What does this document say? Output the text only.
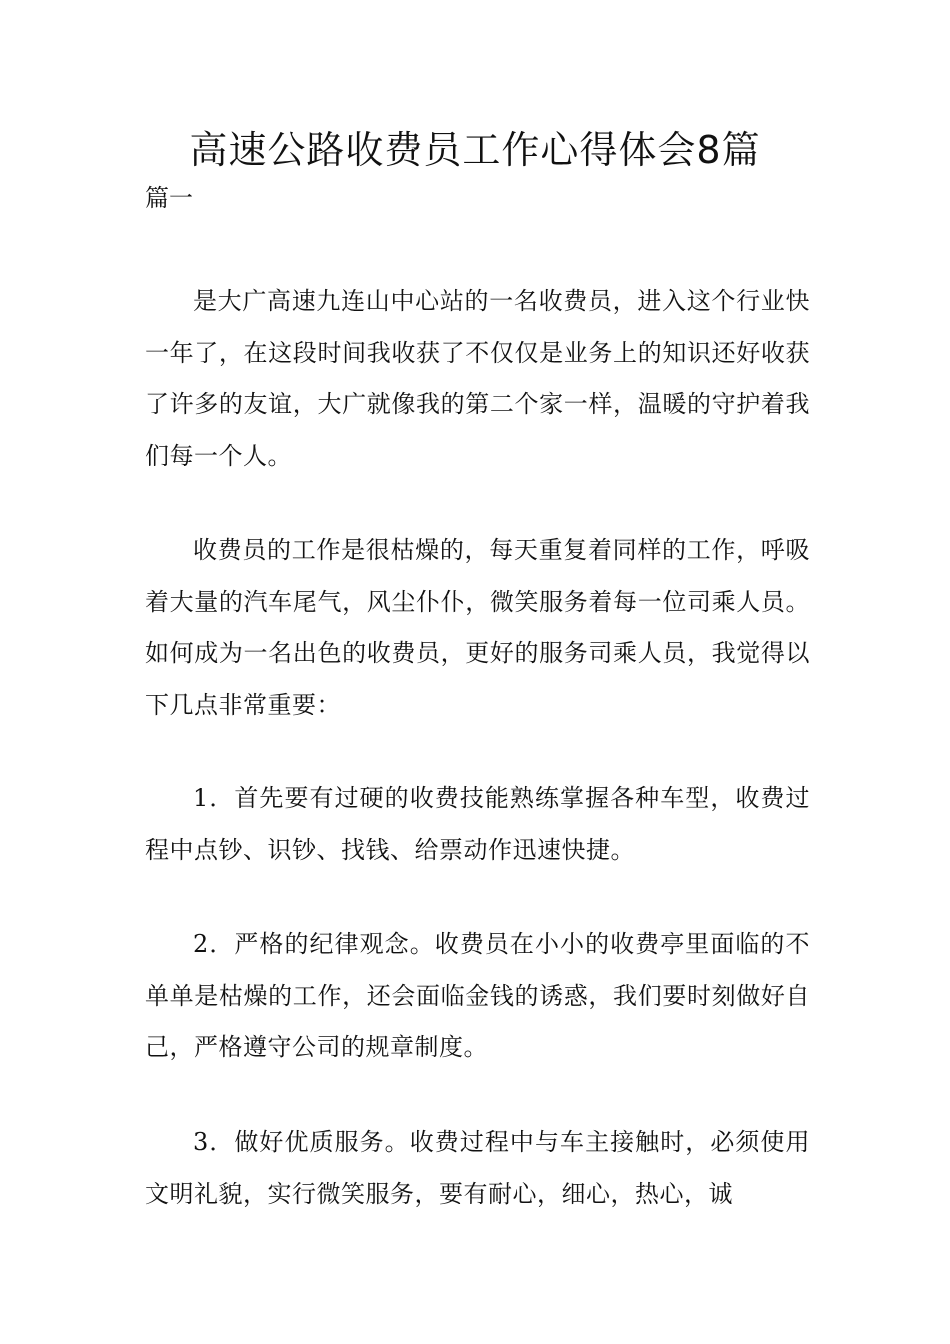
高速公路收费员工作心得体会8篇

篇一

是大广高速九连山中心站的一名收费员，进入这个行业快一年了，在这段时间我收获了不仅仅是业务上的知识还好收获了许多的友谊，大广就像我的第二个家一样，温暖的守护着我们每一个人。

收费员的工作是很枯燥的，每天重复着同样的工作，呼吸着大量的汽车尾气，风尘仆仆，微笑服务着每一位司乘人员。如何成为一名出色的收费员，更好的服务司乘人员，我觉得以下几点非常重要：

1．首先要有过硬的收费技能熟练掌握各种车型，收费过程中点钞、识钞、找钱、给票动作迅速快捷。

2．严格的纪律观念。收费员在小小的收费亭里面临的不单单是枯燥的工作，还会面临金钱的诱惑，我们要时刻做好自己，严格遵守公司的规章制度。

3．做好优质服务。收费过程中与车主接触时，必须使用文明礼貌，实行微笑服务，要有耐心，细心，热心，诚
